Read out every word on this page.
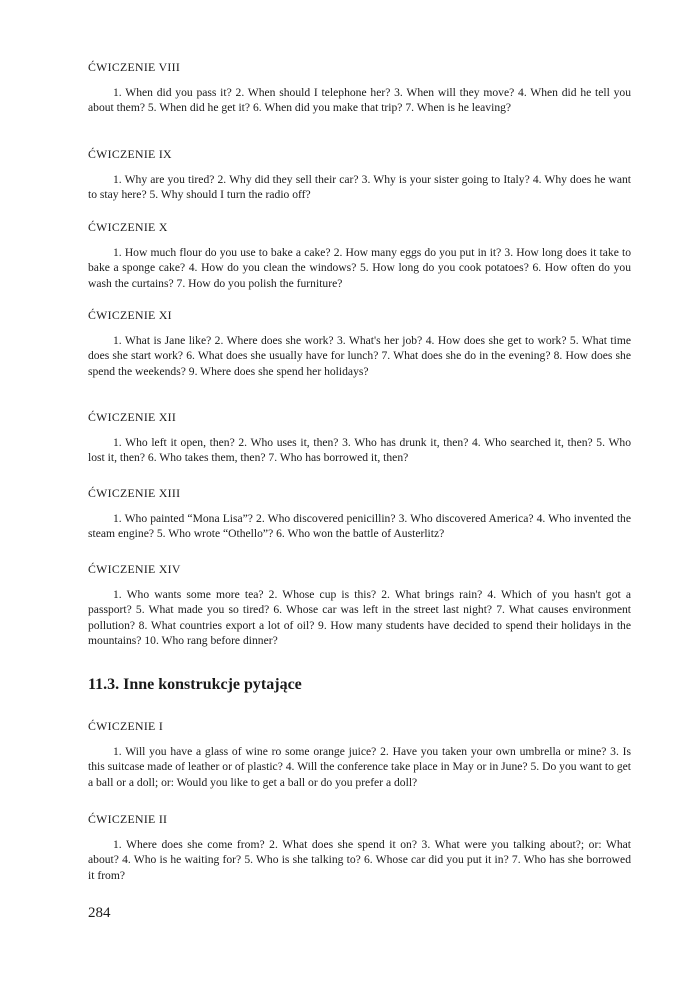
ĆWICZENIE VIII

1. When did you pass it? 2. When should I telephone her? 3. When will they move? 4. When did he tell you about them? 5. When did he get it? 6. When did you make that trip? 7. When is he leaving?

ĆWICZENIE IX

1. Why are you tired? 2. Why did they sell their car? 3. Why is your sister going to Italy? 4. Why does he want to stay here? 5. Why should I turn the radio off?

ĆWICZENIE X

1. How much flour do you use to bake a cake? 2. How many eggs do you put in it? 3. How long does it take to bake a sponge cake? 4. How do you clean the windows? 5. How long do you cook potatoes? 6. How often do you wash the curtains? 7. How do you polish the furniture?

ĆWICZENIE XI

1. What is Jane like? 2. Where does she work? 3. What's her job? 4. How does she get to work? 5. What time does she start work? 6. What does she usually have for lunch? 7. What does she do in the evening? 8. How does she spend the weekends? 9. Where does she spend her holidays?

ĆWICZENIE XII

1. Who left it open, then? 2. Who uses it, then? 3. Who has drunk it, then? 4. Who searched it, then? 5. Who lost it, then? 6. Who takes them, then? 7. Who has borrowed it, then?

ĆWICZENIE XIII

1. Who painted “Mona Lisa”? 2. Who discovered penicillin? 3. Who discovered America? 4. Who invented the steam engine? 5. Who wrote “Othello”? 6. Who won the battle of Austerlitz?

ĆWICZENIE XIV

1. Who wants some more tea? 2. Whose cup is this? 2. What brings rain? 4. Which of you hasn't got a passport? 5. What made you so tired? 6. Whose car was left in the street last night? 7. What causes environment pollution? 8. What countries export a lot of oil? 9. How many students have decided to spend their holidays in the mountains? 10. Who rang before dinner?

11.3. Inne konstrukcje pytające

ĆWICZENIE I

1. Will you have a glass of wine ro some orange juice? 2. Have you taken your own umbrella or mine? 3. Is this suitcase made of leather or of plastic? 4. Will the conference take place in May or in June? 5. Do you want to get a ball or a doll; or: Would you like to get a ball or do you prefer a doll?

ĆWICZENIE II

1. Where does she come from? 2. What does she spend it on? 3. What were you talking about?; or: What about? 4. Who is he waiting for? 5. Who is she talking to? 6. Whose car did you put it in? 7. Who has she borrowed it from?

284
